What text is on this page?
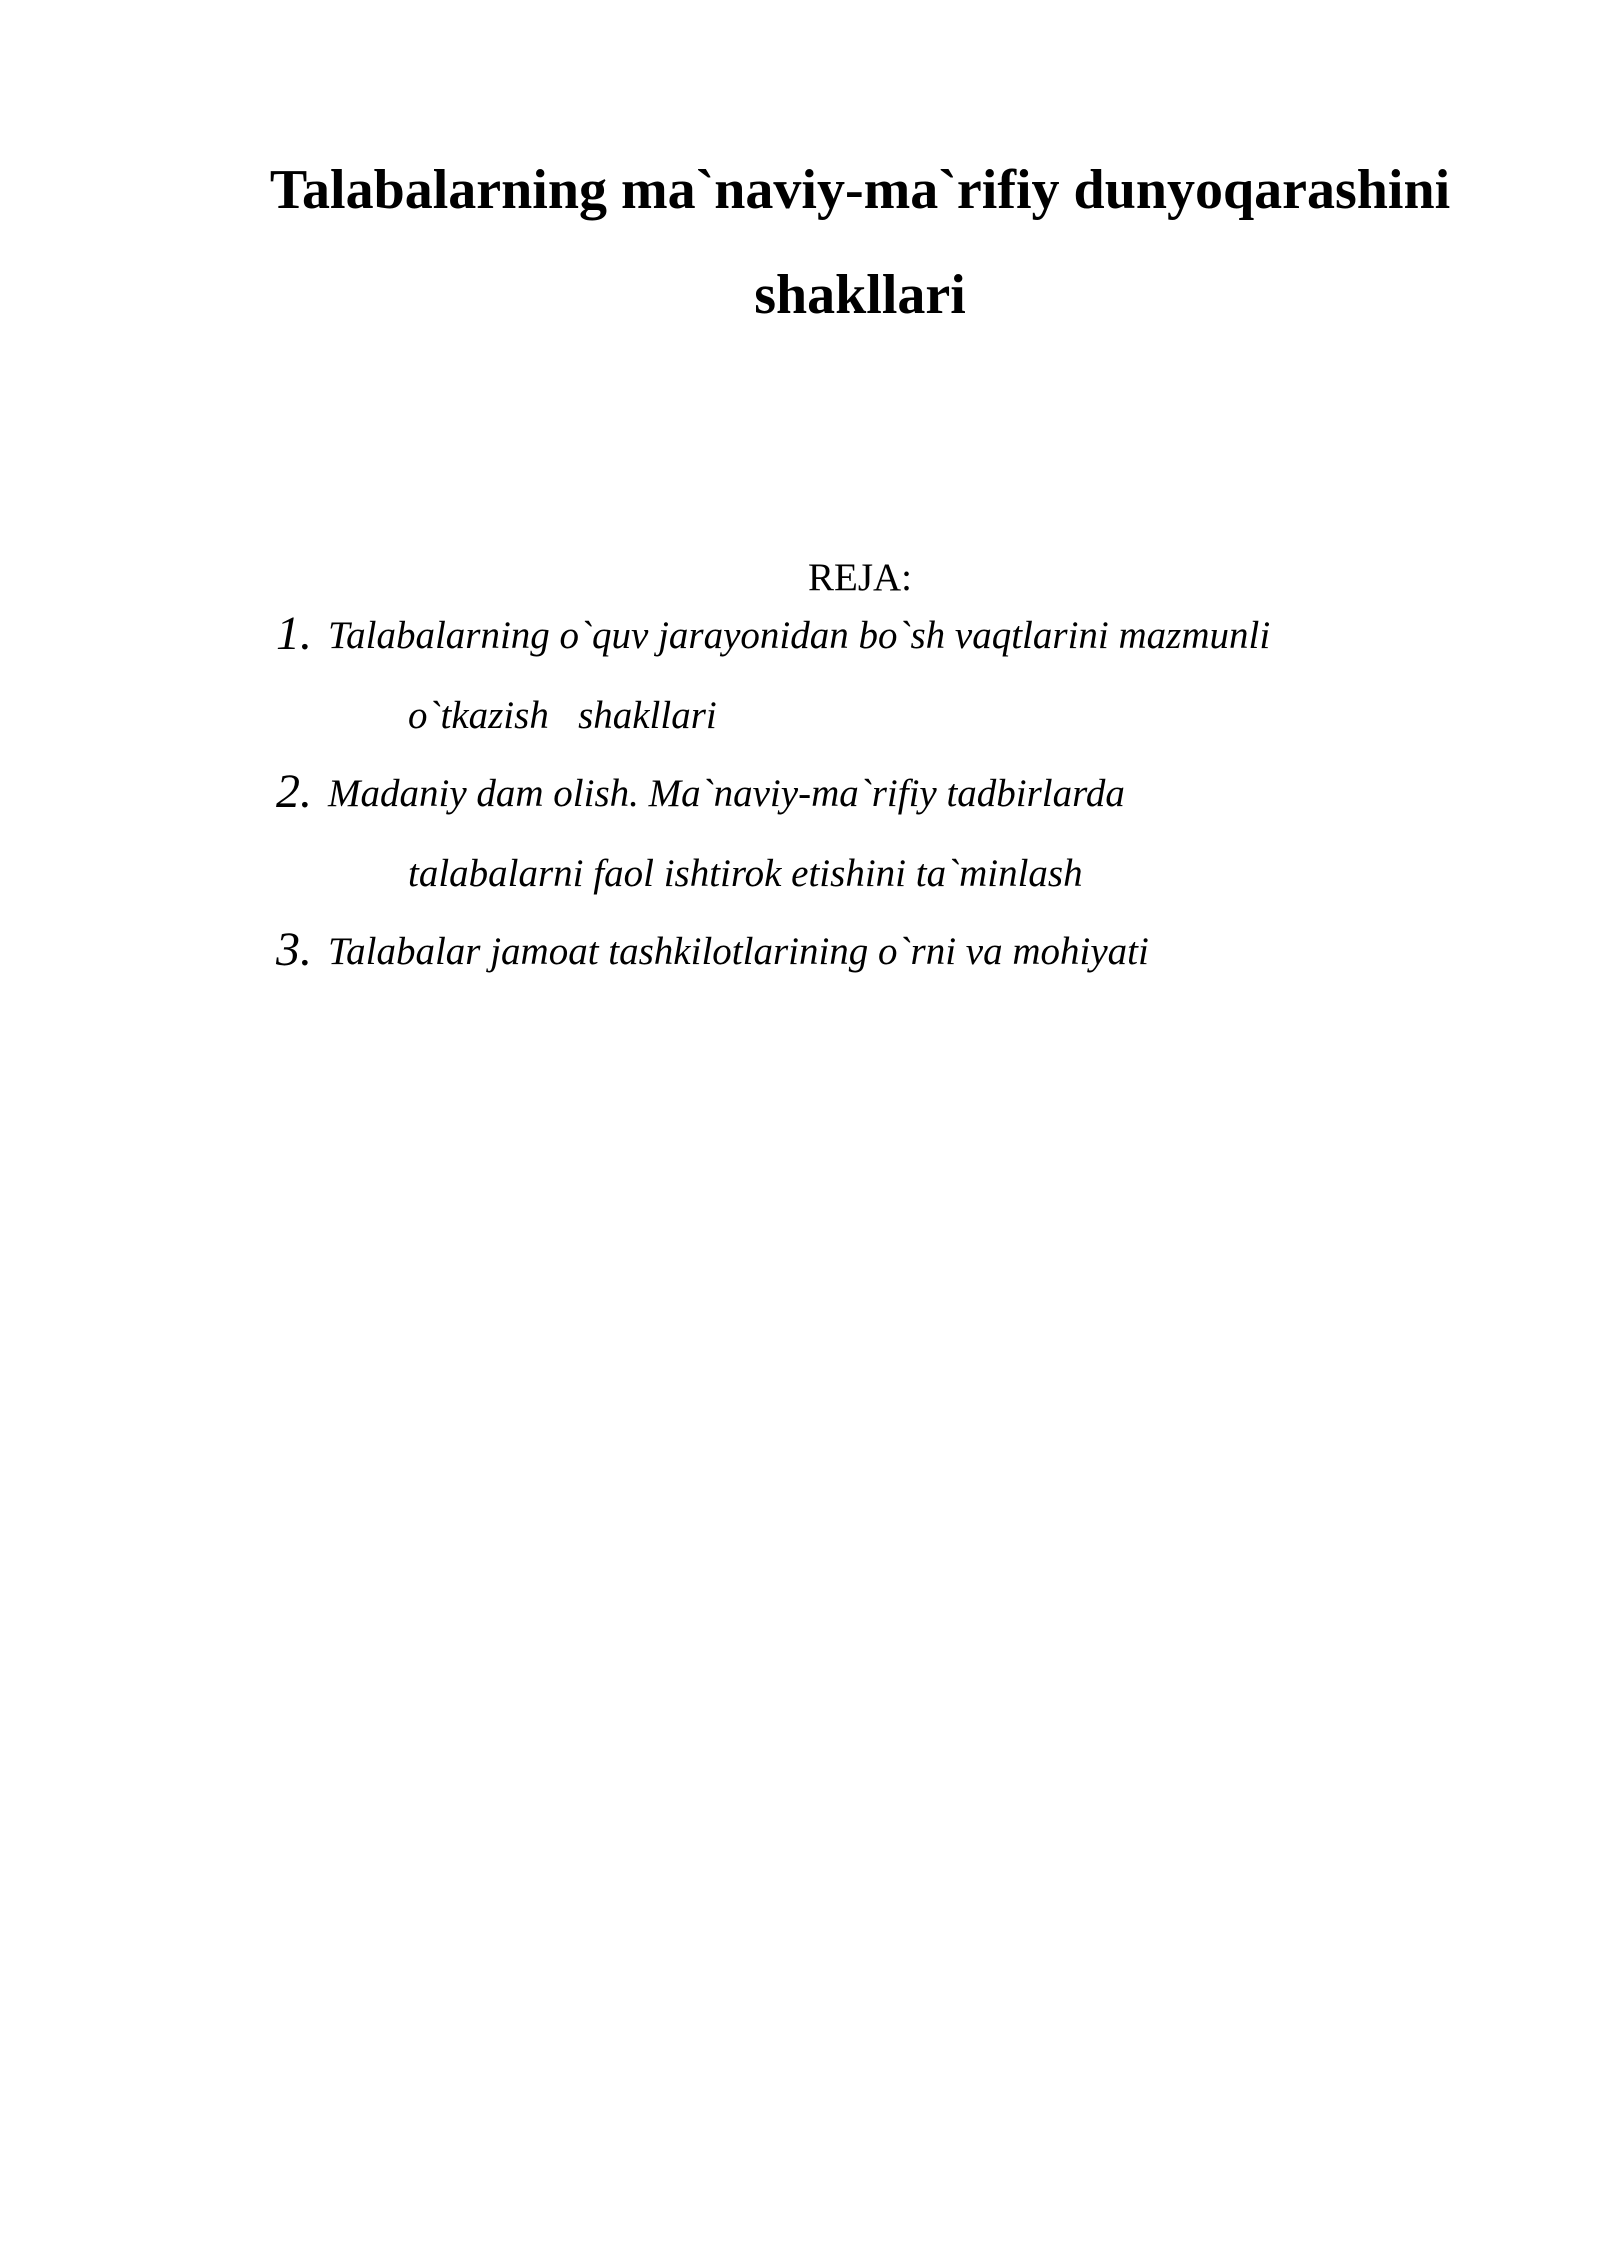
Talabalarning ma`naviy-ma`rifiy dunyoqarashini
shakllari
REJA:
1. Talabalarning o`quv jarayonidan bo`sh vaqtlarini mazmunli
o`tkazish   shakllari
2. Madaniy dam olish. Ma`naviy-ma`rifiy tadbirlarda
talabalarni faol ishtirok etishini ta`minlash
3. Talabalar jamoat tashkilotlarining o`rni va mohiyati
